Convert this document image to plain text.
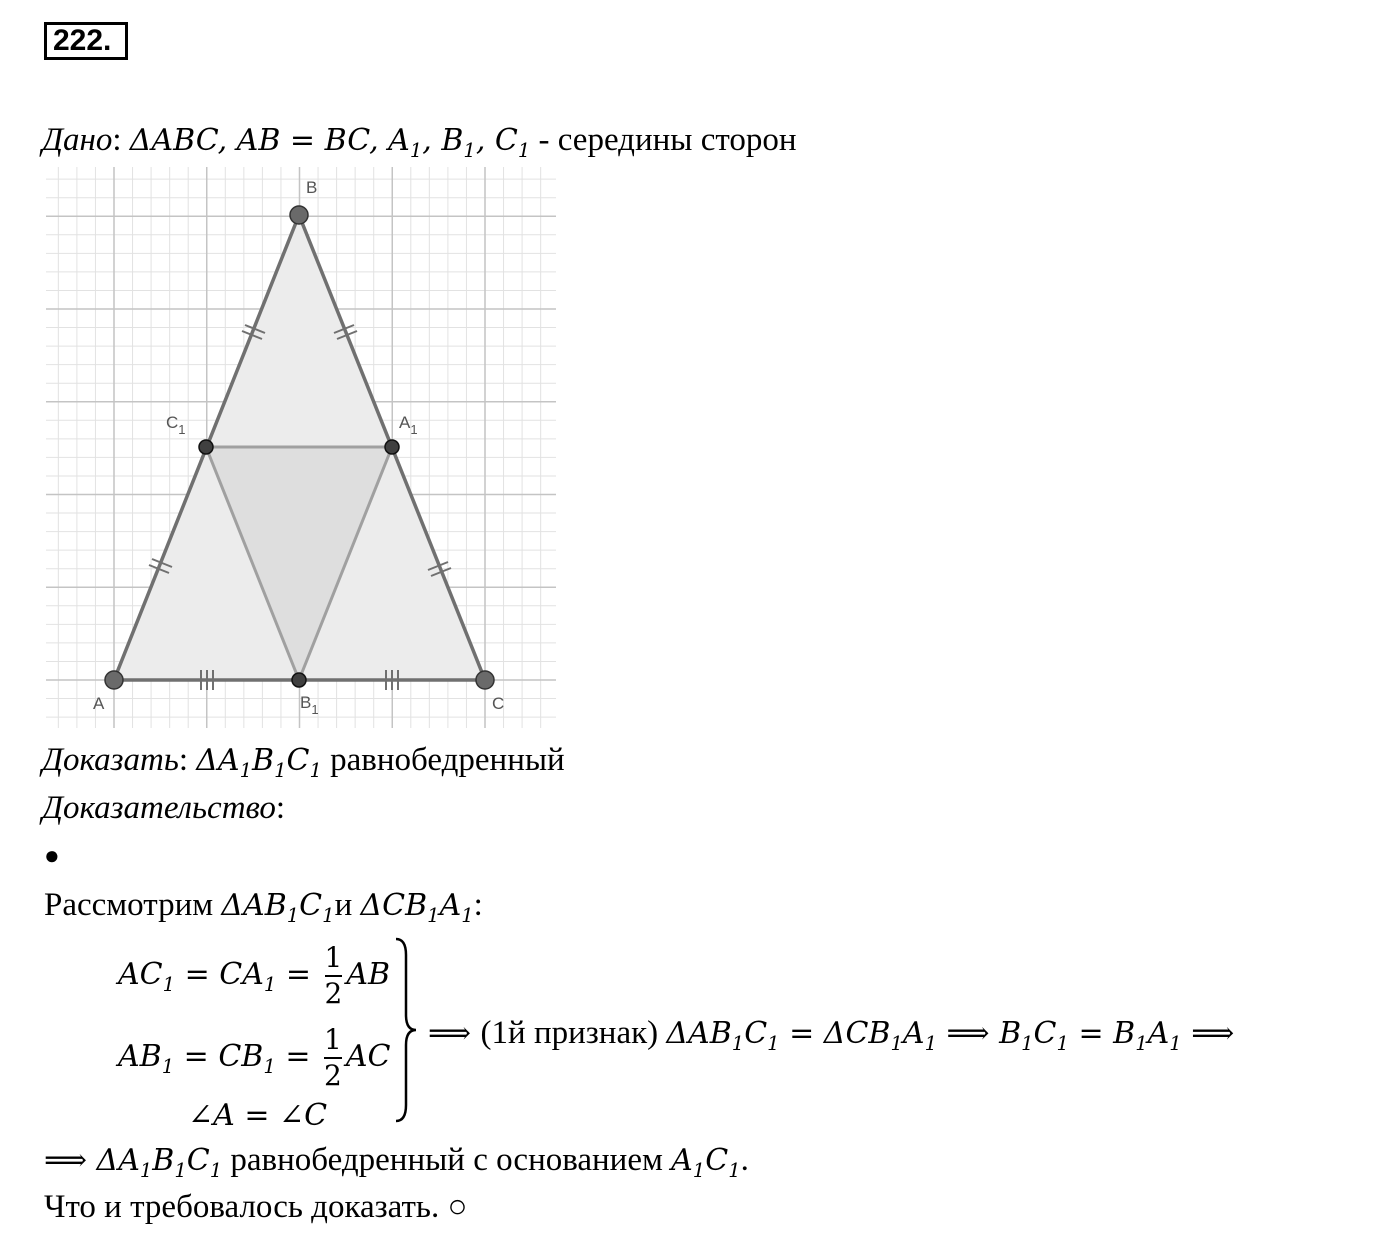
222.
Дано: ΔABC, AB = BC, $A_1$, $B_1$, $C_1$ - середины сторон
A
B
C
$A_1$
$B_1$
$C_1$
Доказать: $\Delta A_1B_1C_1$ равнобедренный
Доказательство:
●
Рассмотрим $\Delta AB_1C_1и$ $\Delta CB_1A_1$:
$AC_1 = CA_1 = \frac{1}{2}$ AB
$AB_1 = CB_1 = \frac{1}{2}$ AC
∠A = ∠C
⟹ (1й признак) $\Delta AB_1C_1 = \Delta CB_1A_1$ ⟹ $B_1C_1 = B_1A_1$ ⟹
⟹ $\Delta A_1B_1C_1$ равнобедренный с основанием $A_1C_1$.
Что и требовалось доказать. ○
